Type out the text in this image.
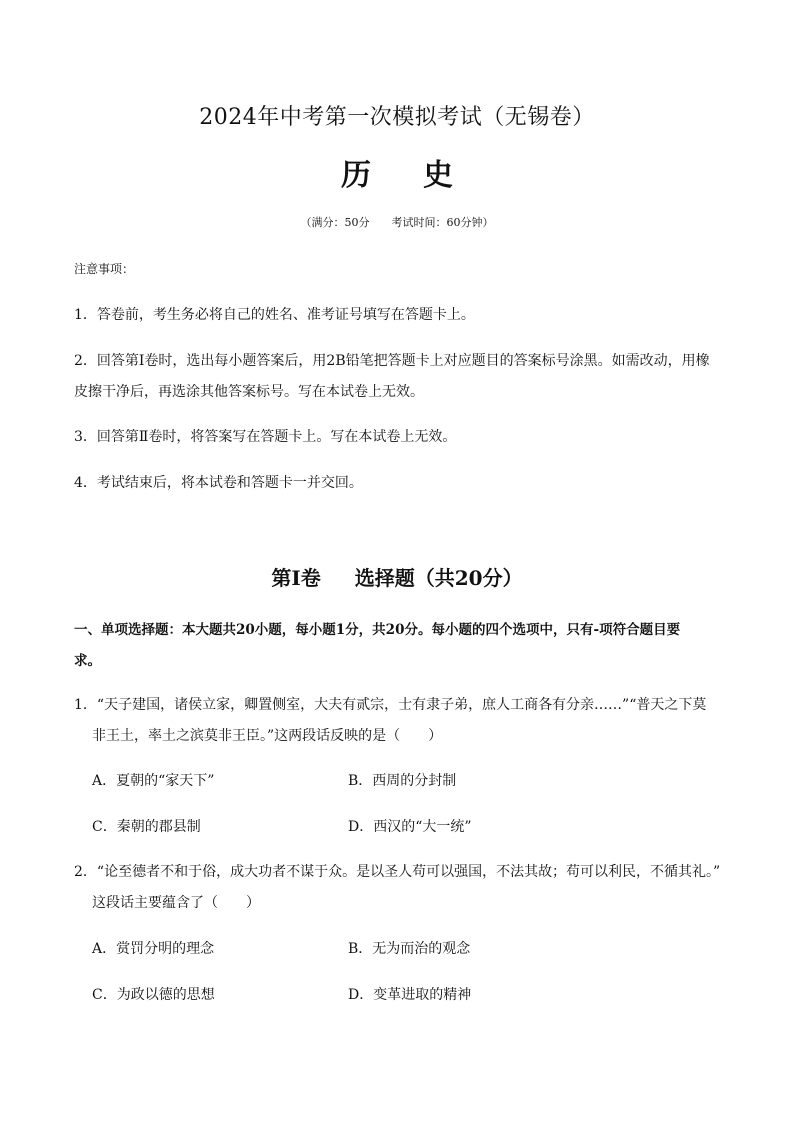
2024年中考第一次模拟考试（无锡卷）
历 史
（满分：50分 考试时间：60分钟）
注意事项：
1．答卷前，考生务必将自己的姓名、准考证号填写在答题卡上。
2．回答第Ⅰ卷时，选出每小题答案后，用2B铅笔把答题卡上对应题目的答案标号涂黑。如需改动，用橡
皮擦干净后，再选涂其他答案标号。写在本试卷上无效。
3．回答第Ⅱ卷时，将答案写在答题卡上。写在本试卷上无效。
4．考试结束后，将本试卷和答题卡一并交回。
第Ⅰ卷 选择题（共20分）
一、单项选择题：本大题共20小题，每小题1分，共20分。每小题的四个选项中，只有-项符合题目要
求。
1．“天子建国，诸侯立家，卿置侧室，大夫有贰宗，士有隶子弟，庶人工商各有分亲……”“普天之下莫
非王土，率土之滨莫非王臣。”这两段话反映的是（　　）
A．夏朝的“家天下”	B．西周的分封制
C．秦朝的郡县制	D．西汉的“大一统”
2．“论至德者不和于俗，成大功者不谋于众。是以圣人苟可以强国，不法其故；苟可以利民，不循其礼。”
这段话主要蕴含了（　　）
A．赏罚分明的理念	B．无为而治的观念
C．为政以德的思想	D．变革进取的精神
